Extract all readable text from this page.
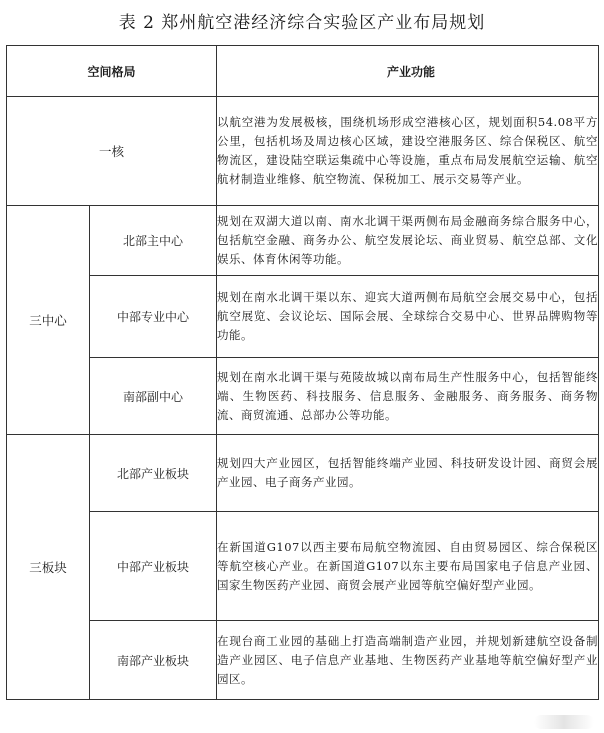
表 2 郑州航空港经济综合实验区产业布局规划
空间格局		产业功能
一核		以航空港为发展极核，围绕机场形成空港核心区，规划面积54.08平方公里，包括机场及周边核心区域，建设空港服务区、综合保税区、航空物流区，建设陆空联运集疏中心等设施，重点布局发展航空运输、航空航材制造业维修、航空物流、保税加工、展示交易等产业。
三中心	北部主中心	规划在双湖大道以南、南水北调干渠两侧布局金融商务综合服务中心，包括航空金融、商务办公、航空发展论坛、商业贸易、航空总部、文化娱乐、体育休闲等功能。
	中部专业中心	规划在南水北调干渠以东、迎宾大道两侧布局航空会展交易中心，包括航空展览、会议论坛、国际会展、全球综合交易中心、世界品牌购物等功能。
	南部副中心	规划在南水北调干渠与苑陵故城以南布局生产性服务中心，包括智能终端、生物医药、科技服务、信息服务、金融服务、商务服务、商务物流、商贸流通、总部办公等功能。
三板块	北部产业板块	规划四大产业园区，包括智能终端产业园、科技研发设计园、商贸会展产业园、电子商务产业园。
	中部产业板块	在新国道G107以西主要布局航空物流园、自由贸易园区、综合保税区等航空核心产业。在新国道G107以东主要布局国家电子信息产业园、国家生物医药产业园、商贸会展产业园等航空偏好型产业园。
	南部产业板块	在现台商工业园的基础上打造高端制造产业园，并规划新建航空设备制造产业园区、电子信息产业基地、生物医药产业基地等航空偏好型产业园区。
